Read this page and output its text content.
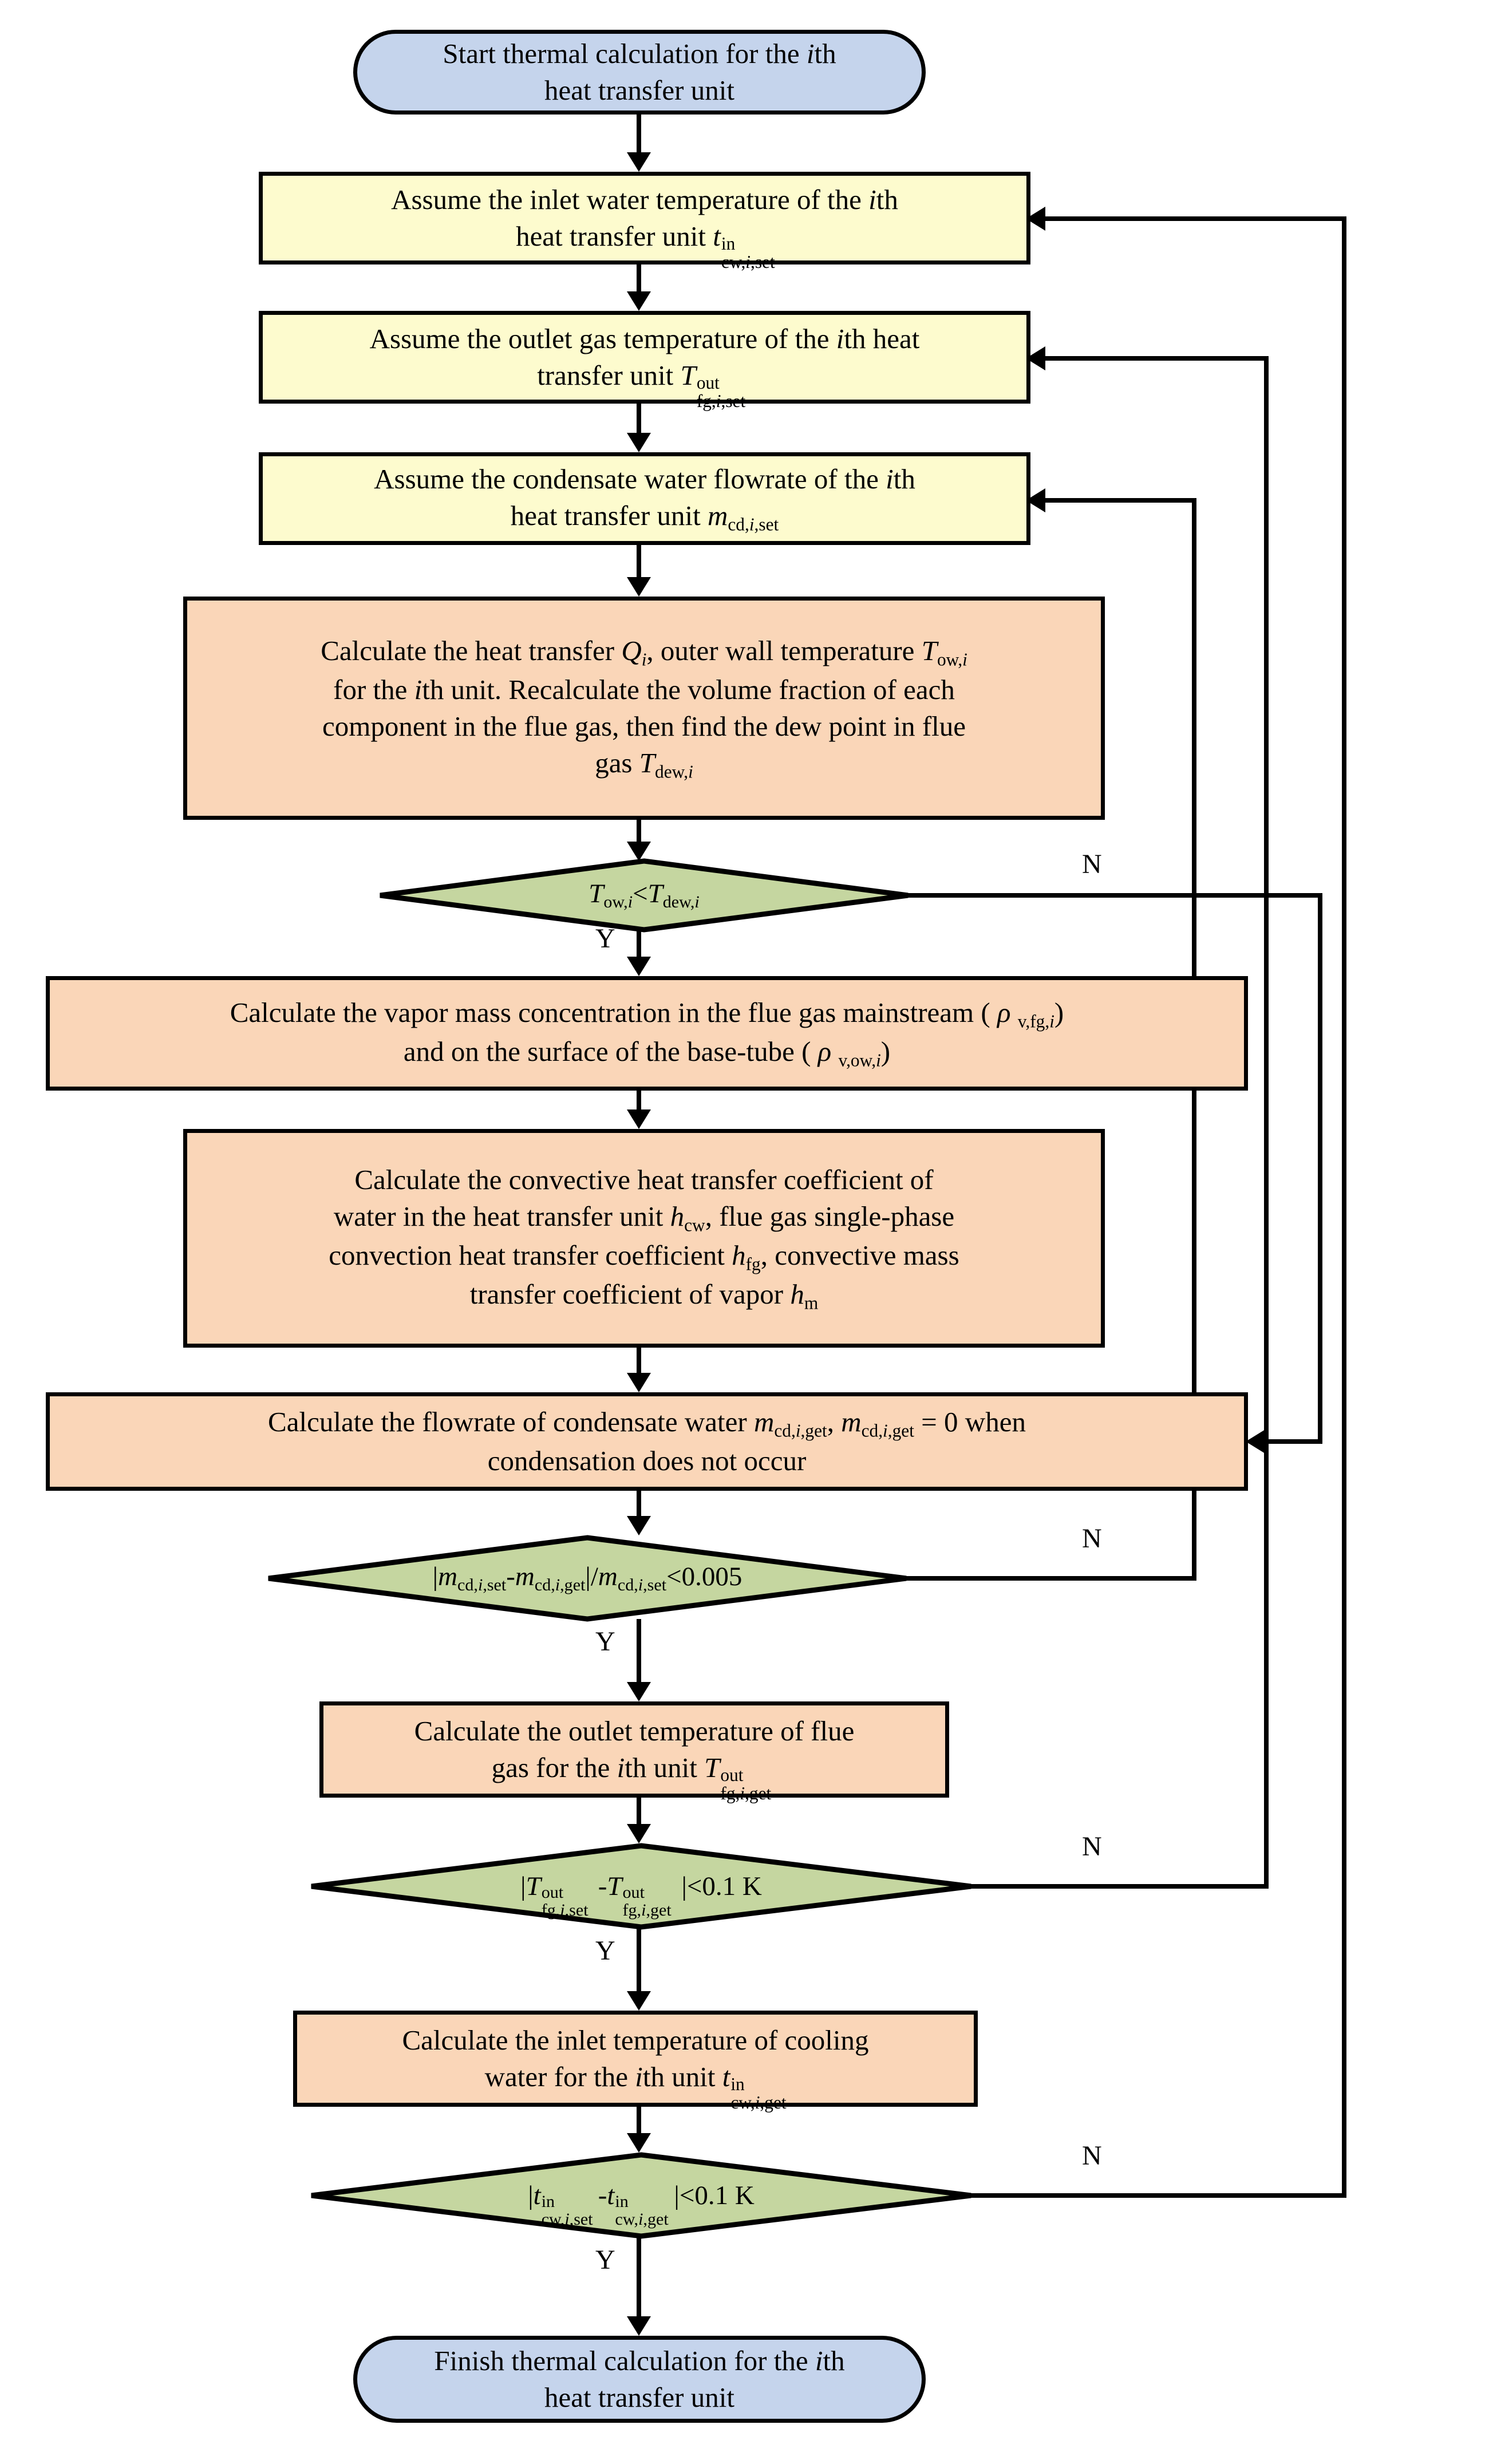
Start thermal calculation for the ith
heat transfer unit
Assume the inlet water temperature of the ith
heat transfer unit t in
cw,i,set
Assume the outlet gas temperature of the ith heat
transfer unit T out
fg,i,set
Assume the condensate water flowrate of the ith
heat transfer unit $m_{cd,i,set}$
Calculate the heat transfer Qi, outer wall temperature $T_{ow,i}$
for the ith unit. Recalculate the volume fraction of each
component in the flue gas, then find the dew point in flue
gas $T_{dew,i}$
$T_{ow,i}<T_{dew,i}$
Calculate the vapor mass concentration in the flue gas mainstream ( ρ $_{v,fg,i}$)
and on the surface of the base-tube ( ρ $_{v,ow,i}$)
Calculate the convective heat transfer coefficient of
water in the heat transfer unit $h_{cw}$, flue gas single-phase
convection heat transfer coefficient $h_{fg}$, convective mass
transfer coefficient of vapor $h_m$
Calculate the flowrate of condensate water $m_{cd,i,get}$, $m_{cd,i,get} = 0$ when
condensation does not occur
$|m_{cd,i,set}-m_{cd,i,get}|/m_{cd,i,set}<0.005$
Calculate the outlet temperature of flue
gas for the ith unit T out
fg,i,get
|T out
fg,i,set
-T out
fg,i,get
|<0.1 K
Calculate the inlet temperature of cooling
water for the ith unit t in
cw,i,get
|t in
cw,i,set
-t in
cw,i,get
|<0.1 K
Finish thermal calculation for the ith
heat transfer unit
Y
N
Y
N
Y
N
Y
N
